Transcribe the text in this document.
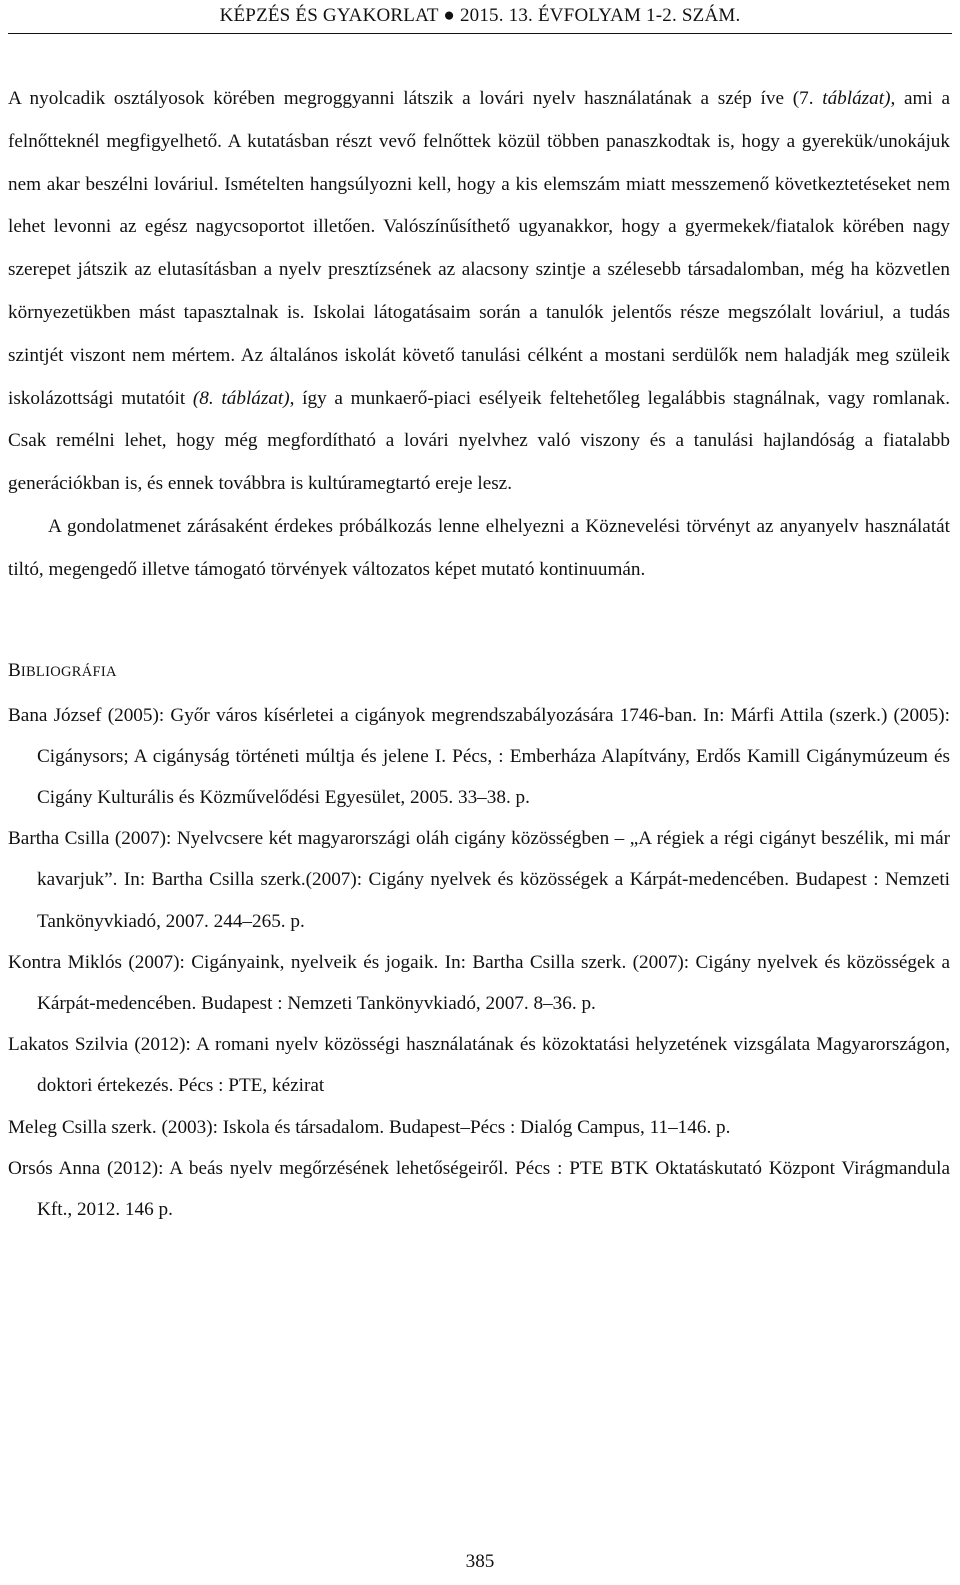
KÉPZÉS ÉS GYAKORLAT ● 2015. 13. ÉVFOLYAM 1-2. SZÁM.

A nyolcadik osztályosok körében megroggyanni látszik a lovári nyelv használatának a szép íve (7. táblázat), ami a felnőtteknél megfigyelhető. A kutatásban részt vevő felnőttek közül többen panaszkodtak is, hogy a gyerekük/unokájuk nem akar beszélni lováriul. Ismételten hangsúlyozni kell, hogy a kis elemszám miatt messzemenő következtetéseket nem lehet levonni az egész nagycsoportot illetően. Valószínűsíthető ugyanakkor, hogy a gyermekek/fiatalok körében nagy szerepet játszik az elutasításban a nyelv presztízsének az alacsony szintje a szélesebb társadalomban, még ha közvetlen környezetükben mást tapasztalnak is. Iskolai látogatásaim során a tanulók jelentős része megszólalt lováriul, a tudás szintjét viszont nem mértem. Az általános iskolát követő tanulási célként a mostani serdülők nem haladják meg szüleik iskolázottsági mutatóit (8. táblázat), így a munkaerő-piaci esélyeik feltehetőleg legalábbis stagnálnak, vagy romlanak. Csak remélni lehet, hogy még megfordítható a lovári nyelvhez való viszony és a tanulási hajlandóság a fiatalabb generációkban is, és ennek továbbra is kultúramegtartó ereje lesz.

A gondolatmenet zárásaként érdekes próbálkozás lenne elhelyezni a Köznevelési törvényt az anyanyelv használatát tiltó, megengedő illetve támogató törvények változatos képet mutató kontinuumán.

BIBLIOGRÁFIA
Bana József (2005): Győr város kísérletei a cigányok megrendszabályozására 1746-ban. In: Márfi Attila (szerk.) (2005): Cigánysors; A cigányság történeti múltja és jelene I. Pécs, : Emberháza Alapítvány, Erdős Kamill Cigánymúzeum és Cigány Kulturális és Közművelődési Egyesület, 2005. 33–38. p.
Bartha Csilla (2007): Nyelvcsere két magyarországi oláh cigány közösségben – „A régiek a régi cigányt beszélik, mi már kavarjuk”. In: Bartha Csilla szerk.(2007): Cigány nyelvek és közösségek a Kárpát-medencében. Budapest : Nemzeti Tankönyvkiadó, 2007. 244–265. p.
Kontra Miklós (2007): Cigányaink, nyelveik és jogaik. In: Bartha Csilla szerk. (2007): Cigány nyelvek és közösségek a Kárpát-medencében. Budapest : Nemzeti Tankönyvkiadó, 2007. 8–36. p.
Lakatos Szilvia (2012): A romani nyelv közösségi használatának és közoktatási helyzetének vizsgálata Magyarországon, doktori értekezés. Pécs : PTE, kézirat
Meleg Csilla szerk. (2003): Iskola és társadalom. Budapest–Pécs : Dialóg Campus, 11–146. p.
Orsós Anna (2012): A beás nyelv megőrzésének lehetőségeiről. Pécs : PTE BTK Oktatáskutató Központ Virágmandula Kft., 2012. 146 p.
385
